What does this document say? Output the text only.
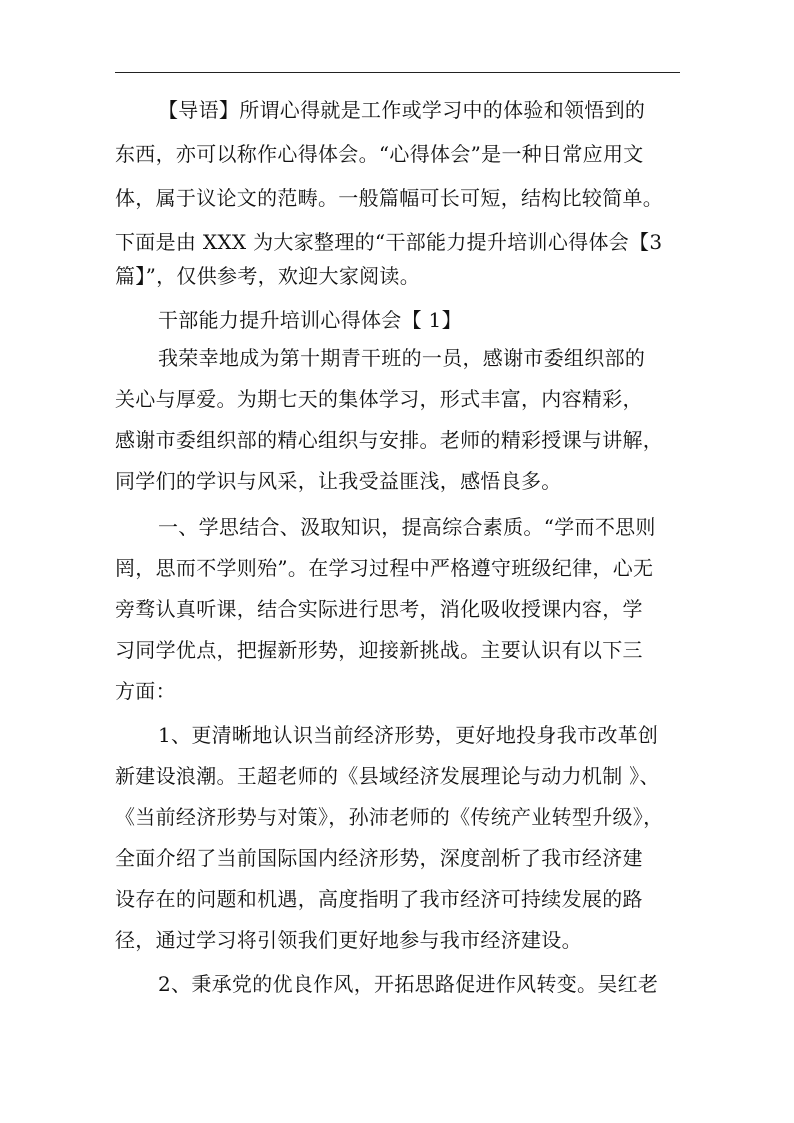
【导语】所谓心得就是工作或学习中的体验和领悟到的
东西，亦可以称作心得体会。“心得体会”是一种日常应用文
体，属于议论文的范畴。一般篇幅可长可短，结构比较简单。
下面是由 XXX 为大家整理的“干部能力提升培训心得体会【3
篇】”，仅供参考，欢迎大家阅读。
干部能力提升培训心得体会【 1】
我荣幸地成为第十期青干班的一员，感谢市委组织部的
关心与厚爱。为期七天的集体学习，形式丰富，内容精彩，
感谢市委组织部的精心组织与安排。老师的精彩授课与讲解，
同学们的学识与风采，让我受益匪浅，感悟良多。
一、学思结合、汲取知识，提高综合素质。“学而不思则
罔，思而不学则殆”。在学习过程中严格遵守班级纪律，心无
旁骛认真听课，结合实际进行思考，消化吸收授课内容，学
习同学优点，把握新形势，迎接新挑战。主要认识有以下三
方面：
1、更清晰地认识当前经济形势，更好地投身我市改革创
新建设浪潮。王超老师的《县域经济发展理论与动力机制 》、
《当前经济形势与对策》，孙沛老师的《传统产业转型升级》，
全面介绍了当前国际国内经济形势，深度剖析了我市经济建
设存在的问题和机遇，高度指明了我市经济可持续发展的路
径，通过学习将引领我们更好地参与我市经济建设。
2、秉承党的优良作风，开拓思路促进作风转变。吴红老
